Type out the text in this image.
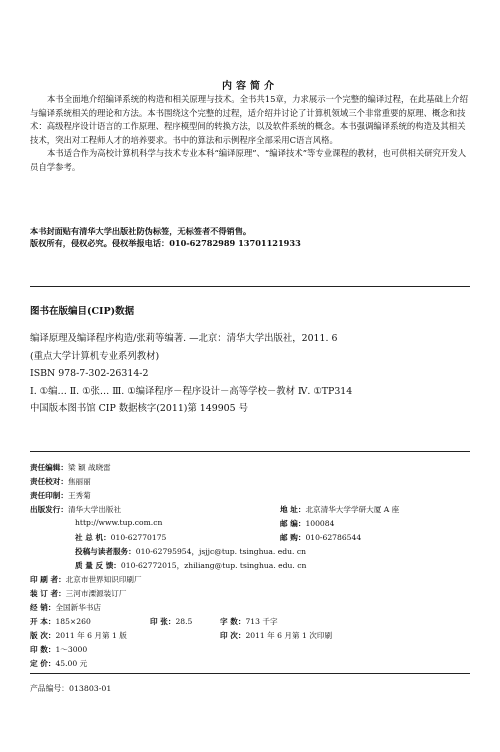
内容简介

本书全面地介绍编译系统的构造和相关原理与技术。全书共15章，力求展示一个完整的编译过程，在此基础上介绍与编译系统相关的理论和方法。本书围绕这个完整的过程，适介绍并讨论了计算机领域三个非常重要的原理、概念和技术：高级程序设计语言的工作原理、程序模型间的转换方法，以及软件系统的概念。本书强调编译系统的构造及其相关技术，突出对工程师人才的培养要求。书中的算法和示例程序全部采用C语言风格。

本书适合作为高校计算机科学与技术专业本科“编译原理”、“编译技术”等专业课程的教材，也可供相关研究开发人员自学参考。

本书封面贴有清华大学出版社防伪标签，无标签者不得销售。
版权所有，侵权必究。侵权举报电话：010-62782989 13701121933
图书在版编目(CIP)数据
编译原理及编译程序构造/张莉等编著. —北京：清华大学出版社，2011. 6
(重点大学计算机专业系列教材)
ISBN 978-7-302-26314-2
Ⅰ. ①编… Ⅱ. ①张… Ⅲ. ①编译程序－程序设计－高等学校－教材 Ⅳ. ①TP314
中国版本图书馆 CIP 数据核字(2011)第 149905 号
责任编辑：梁 颖 战晓雷
责任校对：焦丽丽
责任印制：王秀菊
出版发行：清华大学出版社	地 址：北京清华大学学研大厦 A 座
http://www.tup.com.cn	邮 编：100084
社 总 机：010-62770175	邮 购：010-62786544
投稿与读者服务：010-62795954，jsjjc@tup. tsinghua. edu. cn
质 量 反 馈：010-62772015，zhiliang@tup. tsinghua. edu. cn
印 刷 者：北京市世界知识印刷厂
装 订 者：三河市溧源装订厂
经 销：全国新华书店
开 本：185×260	印 张：28.5	字 数：713 千字
版 次：2011 年 6 月第 1 版	印 次：2011 年 6 月第 1 次印刷
印 数：1～3000
定 价：45.00 元
产品编号：013803-01
